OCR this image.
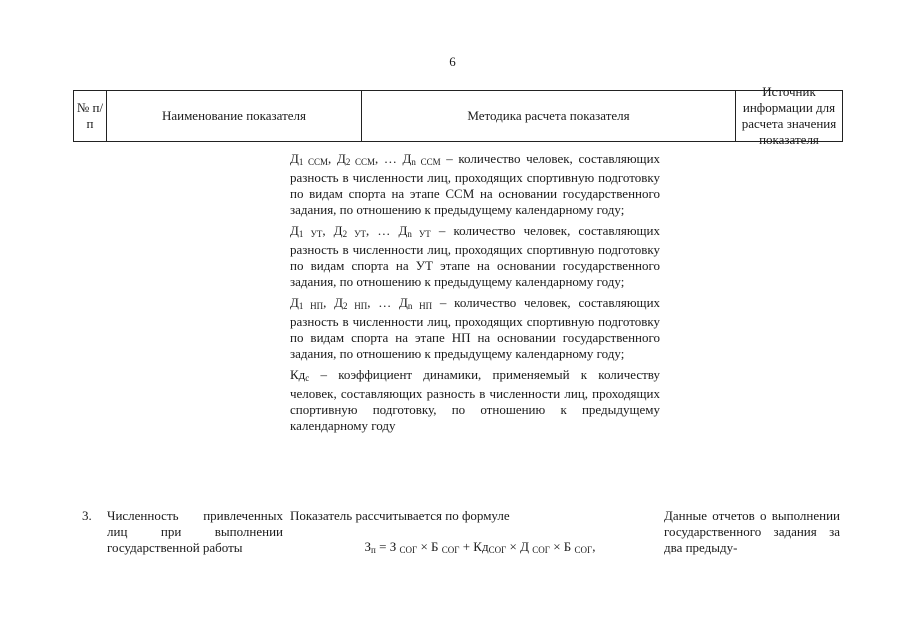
6
№ п/п
Наименование показателя	Методика расчета показателя
Источник информации для расчета значения показателя

$Д_{1 ССМ}$, $Д_{2 ССМ}$, … $Д_{n ССМ}$ – количество человек, составляющих разность в численности лиц, проходящих спортивную подготовку по видам спорта на этапе ССМ на основании государственного задания, по отношению к предыдущему календарному году;

$Д_{1 УТ}$, $Д_{2 УТ}$, … $Д_{n УТ}$ – количество человек, составляющих разность в численности лиц, проходящих спортивную подготовку по видам спорта на УТ этапе на основании государственного задания, по отношению к предыдущему календарному году;

$Д_{1 НП}$, $Д_{2 НП}$, … $Д_{n НП}$ – количество человек, составляющих разность в численности лиц, проходящих спортивную подготовку по видам спорта на этапе НП на основании государственного задания, по отношению к предыдущему календарному году;

$Кд_с$ – коэффициент динамики, применяемый к количеству человек, составляющих разность в численности лиц, проходящих спортивную подготовку, по отношению к предыдущему календарному году

3. Численность привлеченных лиц при выполнении государственной работы
Показатель рассчитывается по формуле
$З_п = З$ $_{СОГ}$ × Б $_{СОГ} + Кд_{СОГ} \times Д$ $_{СОГ}$ × Б $_{СОГ}$,
Данные отчетов о выполнении государственного задания за два предыду-
